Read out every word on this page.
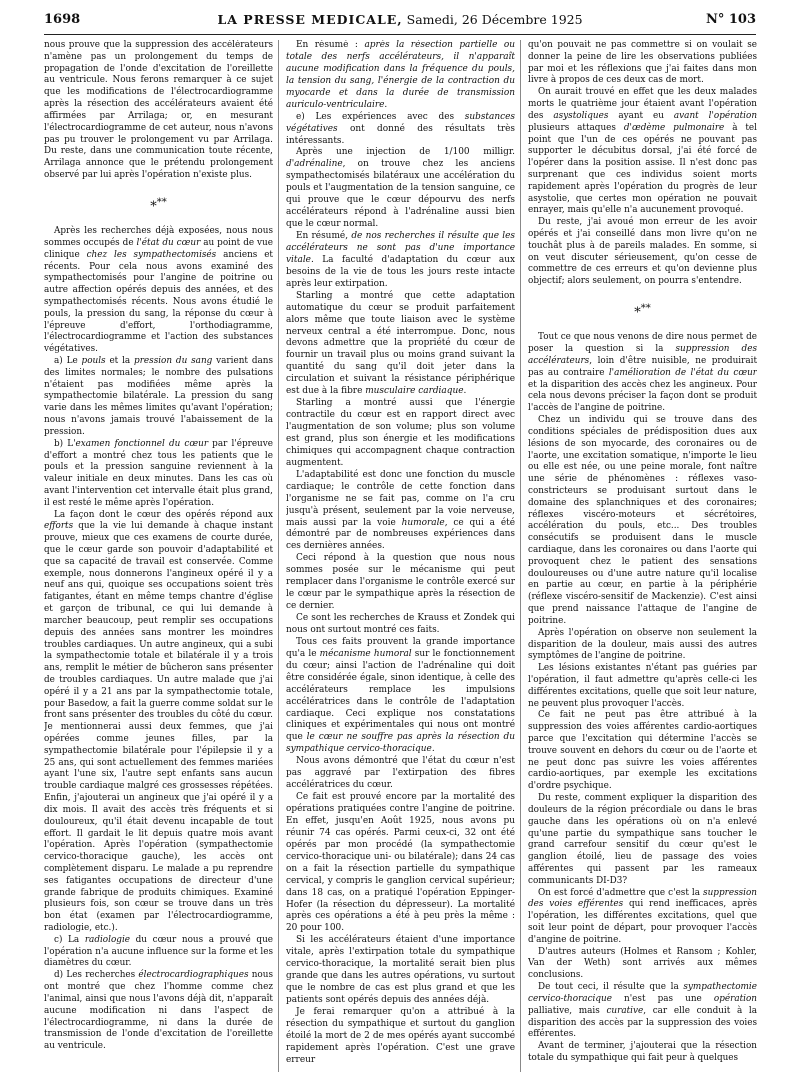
1698	LA PRESSE MEDICALE, Samedi, 26 Décembre 1925	N° 103

nous prouve que la suppression des accélérateurs n'amène pas un prolongement du temps de propagation de l'onde d'excitation de l'oreillette au ventricule. Nous ferons remarquer à ce sujet que les modifications de l'électrocardiogramme après la résection des accélérateurs avaient été affirmées par Arrilaga; or, en mesurant l'électrocardiogramme de cet auteur, nous n'avons pas pu trouver le prolongement vu par Arrilaga. Du reste, dans une communication toute récente, Arrilaga annonce que le prétendu prolongement observé par lui après l'opération n'existe plus.

***

Après les recherches déjà exposées, nous nous sommes occupés de l'état du cœur au point de vue clinique chez les sympathectomisés anciens et récents. Pour cela nous avons examiné des sympathectomisés pour l'angine de poitrine ou autre affection opérés depuis des années, et des sympathectomisés récents. Nous avons étudié le pouls, la pression du sang, la réponse du cœur à l'épreuve d'effort, l'orthodiagramme, l'électrocardiogramme et l'action des substances végétatives.

a) Le pouls et la pression du sang varient dans des limites normales; le nombre des pulsations n'étaient pas modifiées même après la sympathectomie bilatérale. La pression du sang varie dans les mêmes limites qu'avant l'opération; nous n'avons jamais trouvé l'abaissement de la pression.

b) L'examen fonctionnel du cœur par l'épreuve d'effort a montré chez tous les patients que le pouls et la pression sanguine reviennent à la valeur initiale en deux minutes. Dans les cas où avant l'intervention cet intervalle était plus grand, il est resté le même après l'opération.

La façon dont le cœur des opérés répond aux efforts que la vie lui demande à chaque instant prouve, mieux que ces examens de courte durée, que le cœur garde son pouvoir d'adaptabilité et que sa capacité de travail est conservée. Comme exemple, nous donnerons l'angineux opéré il y a neuf ans qui, quoique ses occupations soient très fatigantes, étant en même temps chantre d'église et garçon de tribunal, ce qui lui demande à marcher beaucoup, peut remplir ses occupations depuis des années sans montrer les moindres troubles cardiaques. Un autre angineux, qui a subi la sympathectomie totale et bilatérale il y a trois ans, remplit le métier de bûcheron sans présenter de troubles cardiaques. Un autre malade que j'ai opéré il y a 21 ans par la sympathectomie totale, pour Basedow, a fait la guerre comme soldat sur le front sans présenter des troubles du côté du cœur. Je mentionnerai aussi deux femmes, que j'ai opérées comme jeunes filles, par la sympathectomie bilatérale pour l'épilepsie il y a 25 ans, qui sont actuellement des femmes mariées ayant l'une six, l'autre sept enfants sans aucun trouble cardiaque malgré ces grossesses répétées. Enfin, j'ajouterai un angineux que j'ai opéré il y a dix mois. Il avait des accès très fréquents et si douloureux, qu'il était devenu incapable de tout effort. Il gardait le lit depuis quatre mois avant l'opération. Après l'opération (sympathectomie cervico-thoracique gauche), les accès ont complètement disparu. Le malade a pu reprendre ses fatigantes occupations de directeur d'une grande fabrique de produits chimiques. Examiné plusieurs fois, son cœur se trouve dans un très bon état (examen par l'électrocardiogramme, radiologie, etc.).

c) La radiologie du cœur nous a prouvé que l'opération n'a aucune influence sur la forme et les diamètres du cœur.

d) Les recherches électrocardiographiques nous ont montré que chez l'homme comme chez l'animal, ainsi que nous l'avons déjà dit, n'apparaît aucune modification ni dans l'aspect de l'électrocardiogramme, ni dans la durée de transmission de l'onde d'excitation de l'oreillette au ventricule.

En résumé : après la résection partielle ou totale des nerfs accélérateurs, il n'apparaît aucune modification dans la fréquence du pouls, la tension du sang, l'énergie de la contraction du myocarde et dans la durée de transmission auriculo-ventriculaire.

e) Les expériences avec des substances végétatives ont donné des résultats très intéressants.

Après une injection de 1/100 milligr. d'adrénaline, on trouve chez les anciens sympathectomisés bilatéraux une accélération du pouls et l'augmentation de la tension sanguine, ce qui prouve que le cœur dépourvu des nerfs accélérateurs répond à l'adrénaline aussi bien que le cœur normal.

En résumé, de nos recherches il résulte que les accélérateurs ne sont pas d'une importance vitale. La faculté d'adaptation du cœur aux besoins de la vie de tous les jours reste intacte après leur extirpation.

Starling a montré que cette adaptation automatique du cœur se produit parfaitement alors même que toute liaison avec le système nerveux central a été interrompue. Donc, nous devons admettre que la propriété du cœur de fournir un travail plus ou moins grand suivant la quantité du sang qu'il doit jeter dans la circulation et suivant la résistance périphérique est due à la fibre musculaire cardiaque.

Starling a montré aussi que l'énergie contractile du cœur est en rapport direct avec l'augmentation de son volume; plus son volume est grand, plus son énergie et les modifications chimiques qui accompagnent chaque contraction augmentent.

L'adaptabilité est donc une fonction du muscle cardiaque; le contrôle de cette fonction dans l'organisme ne se fait pas, comme on l'a cru jusqu'à présent, seulement par la voie nerveuse, mais aussi par la voie humorale, ce qui a été démontré par de nombreuses expériences dans ces dernières années.

Ceci répond à la question que nous nous sommes posée sur le mécanisme qui peut remplacer dans l'organisme le contrôle exercé sur le cœur par le sympathique après la résection de ce dernier.

Ce sont les recherches de Krauss et Zondek qui nous ont surtout montré ces faits.

Tous ces faits prouvent la grande importance qu'a le mécanisme humoral sur le fonctionnement du cœur; ainsi l'action de l'adrénaline qui doit être considérée égale, sinon identique, à celle des accélérateurs remplace les impulsions accélératrices dans le contrôle de l'adaptation cardiaque. Ceci explique nos constatations cliniques et expérimentales qui nous ont montré que le cœur ne souffre pas après la résection du sympathique cervico-thoracique.

Nous avons démontré que l'état du cœur n'est pas aggravé par l'extirpation des fibres accélératrices du cœur.

Ce fait est prouvé encore par la mortalité des opérations pratiquées contre l'angine de poitrine. En effet, jusqu'en Août 1925, nous avons pu réunir 74 cas opérés. Parmi ceux-ci, 32 ont été opérés par mon procédé (la sympathectomie cervico-thoracique uni- ou bilatérale); dans 24 cas on a fait la résection partielle du sympathique cervical, y compris le ganglion cervical supérieur; dans 18 cas, on a pratiqué l'opération Eppinger-Hofer (la résection du dépresseur). La mortalité après ces opérations a été à peu près la même : 20 pour 100.

Si les accélérateurs étaient d'une importance vitale, après l'extirpation totale du sympathique cervico-thoracique, la mortalité serait bien plus grande que dans les autres opérations, vu surtout que le nombre de cas est plus grand et que les patients sont opérés depuis des années déjà.

Je ferai remarquer qu'on a attribué à la résection du sympathique et surtout du ganglion étoilé la mort de 2 de mes opérés ayant succombé rapidement après l'opération. C'est une grave erreur

qu'on pouvait ne pas commettre si on voulait se donner la peine de lire les observations publiées par moi et les réflexions que j'ai faites dans mon livre à propos de ces deux cas de mort.

On aurait trouvé en effet que les deux malades morts le quatrième jour étaient avant l'opération des asystoliques ayant eu avant l'opération plusieurs attaques d'œdème pulmonaire à tel point que l'un de ces opérés ne pouvant pas supporter le décubitus dorsal, j'ai été forcé de l'opérer dans la position assise. Il n'est donc pas surprenant que ces individus soient morts rapidement après l'opération du progrès de leur asystolie, que certes mon opération ne pouvait enrayer, mais qu'elle n'a aucunement provoqué.

Du reste, j'ai avoué mon erreur de les avoir opérés et j'ai conseillé dans mon livre qu'on ne touchât plus à de pareils malades. En somme, si on veut discuter sérieusement, qu'on cesse de commettre de ces erreurs et qu'on devienne plus objectif; alors seulement, on pourra s'entendre.

***

Tout ce que nous venons de dire nous permet de poser la question si la suppression des accélérateurs, loin d'être nuisible, ne produirait pas au contraire l'amélioration de l'état du cœur et la disparition des accès chez les angineux. Pour cela nous devons préciser la façon dont se produit l'accès de l'angine de poitrine.

Chez un individu qui se trouve dans des conditions spéciales de prédisposition dues aux lésions de son myocarde, des coronaires ou de l'aorte, une excitation somatique, n'importe le lieu ou elle est née, ou une peine morale, font naître une série de phénomènes : réflexes vaso-constricteurs se produisant surtout dans le domaine des splanchniques et des coronaires; réflexes viscéro-moteurs et sécrétoires, accélération du pouls, etc... Des troubles consécutifs se produisent dans le muscle cardiaque, dans les coronaires ou dans l'aorte qui provoquent chez le patient des sensations douloureuses ou d'une autre nature qu'il localise en partie au cœur, en partie à la périphérie (réflexe viscéro-sensitif de Mackenzie). C'est ainsi que prend naissance l'attaque de l'angine de poitrine.

Après l'opération on observe non seulement la disparition de la douleur, mais aussi des autres symptômes de l'angine de poitrine.

Les lésions existantes n'étant pas guéries par l'opération, il faut admettre qu'après celle-ci les différentes excitations, quelle que soit leur nature, ne peuvent plus provoquer l'accès.

Ce fait ne peut pas être attribué à la suppression des voies afférentes cardio-aortiques parce que l'excitation qui détermine l'accès se trouve souvent en dehors du cœur ou de l'aorte et ne peut donc pas suivre les voies afférentes cardio-aortiques, par exemple les excitations d'ordre psychique.

Du reste, comment expliquer la disparition des douleurs de la région précordiale ou dans le bras gauche dans les opérations où on n'a enlevé qu'une partie du sympathique sans toucher le grand carrefour sensitif du cœur qu'est le ganglion étoilé, lieu de passage des voies afférentes qui passent par les rameaux communicants DI-D3?

On est forcé d'admettre que c'est la suppression des voies efférentes qui rend inefficaces, après l'opération, les différentes excitations, quel que soit leur point de départ, pour provoquer l'accès d'angine de poitrine.

D'autres auteurs (Holmes et Ransom ; Kohler, Van der Weth) sont arrivés aux mêmes conclusions.

De tout ceci, il résulte que la sympathectomie cervico-thoracique n'est pas une opération palliative, mais curative, car elle conduit à la disparition des accès par la suppression des voies efférentes.

Avant de terminer, j'ajouterai que la résection totale du sympathique qui fait peur à quelques
